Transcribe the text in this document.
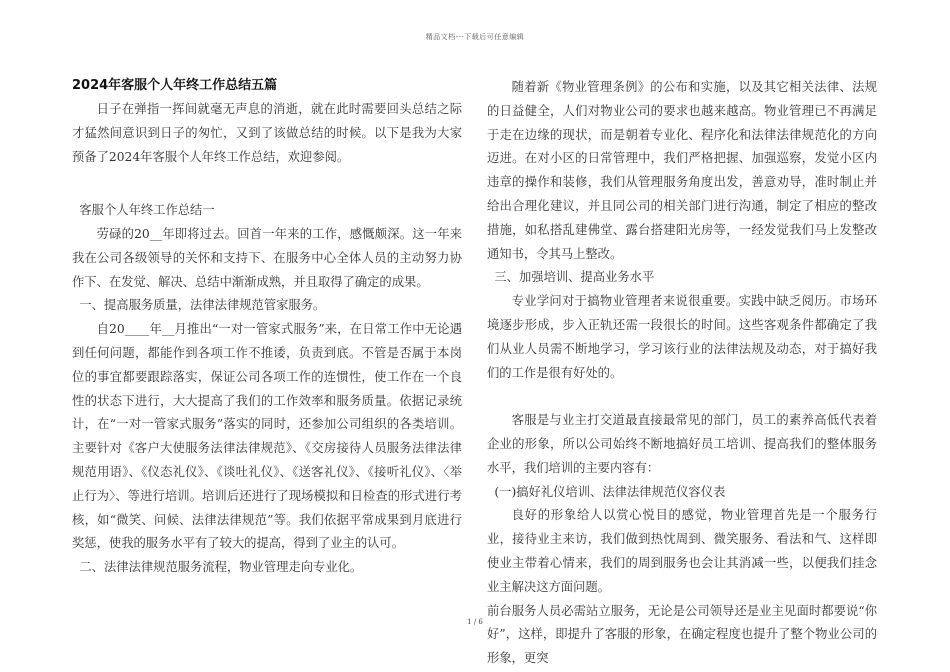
精品文档---下载后可任意编辑
2024年客服个人年终工作总结五篇

日子在弹指一挥间就毫无声息的消逝，就在此时需要回头总结之际才猛然间意识到日子的匆忙，又到了该做总结的时候。以下是我为大家预备了2024年客服个人年终工作总结，欢迎参阅。

客服个人年终工作总结一

劳碌的20__年即将过去。回首一年来的工作，感慨颇深。这一年来我在公司各级领导的关怀和支持下、在服务中心全体人员的主动努力协作下、在发觉、解决、总结中渐渐成熟，并且取得了确定的成果。

一、提高服务质量，法律法律规范管家服务。

自20____年__月推出“一对一管家式服务”来，在日常工作中无论遇到任何问题，都能作到各项工作不推诿，负责到底。不管是否属于本岗位的事宜都要跟踪落实，保证公司各项工作的连惯性，使工作在一个良性的状态下进行，大大提高了我们的工作效率和服务质量。依据记录统计，在“一对一管家式服务”落实的同时，还参加公司组织的各类培训。主要针对《客户大使服务法律法律规范》、《交房接待人员服务法律法律规范用语》、《仪态礼仪》、《谈吐礼仪》、《送客礼仪》、《接听礼仪》、〈举止行为〉、等进行培训。培训后还进行了现场模拟和日检查的形式进行考核，如“微笑、问候、法律法律规范”等。我们依据平常成果到月底进行奖惩，使我的服务水平有了较大的提高，得到了业主的认可。

二、法律法律规范服务流程，物业管理走向专业化。

随着新《物业管理条例》的公布和实施，以及其它相关法律、法规的日益健全，人们对物业公司的要求也越来越高。物业管理已不再满足于走在边缘的现状，而是朝着专业化、程序化和法律法律规范化的方向迈进。在对小区的日常管理中，我们严格把握、加强巡察，发觉小区内违章的操作和装修，我们从管理服务角度出发，善意劝导，准时制止并给出合理化建议，并且同公司的相关部门进行沟通，制定了相应的整改措施，如私搭乱建佛堂、露台搭建阳光房等，一经发觉我们马上发整改通知书，令其马上整改。

三、加强培训、提高业务水平

专业学问对于搞物业管理者来说很重要。实践中缺乏阅历。市场环境逐步形成，步入正轨还需一段很长的时间。这些客观条件都确定了我们从业人员需不断地学习，学习该行业的法律法规及动态，对于搞好我们的工作是很有好处的。

客服是与业主打交道最直接最常见的部门，员工的素养高低代表着企业的形象，所以公司始终不断地搞好员工培训、提高我们的整体服务水平，我们培训的主要内容有：

(一)搞好礼仪培训、法律法律规范仪容仪表

良好的形象给人以赏心悦目的感觉，物业管理首先是一个服务行业，接待业主来访，我们做到热忱周到、微笑服务、看法和气、这样即使业主带着心情来，我们的周到服务也会让其消减一些，以便我们挂念业主解决这方面问题。

前台服务人员必需站立服务，无论是公司领导还是业主见面时都要说“你好”，这样，即提升了客服的形象，在确定程度也提升了整个物业公司的形象，更突

1 / 6
